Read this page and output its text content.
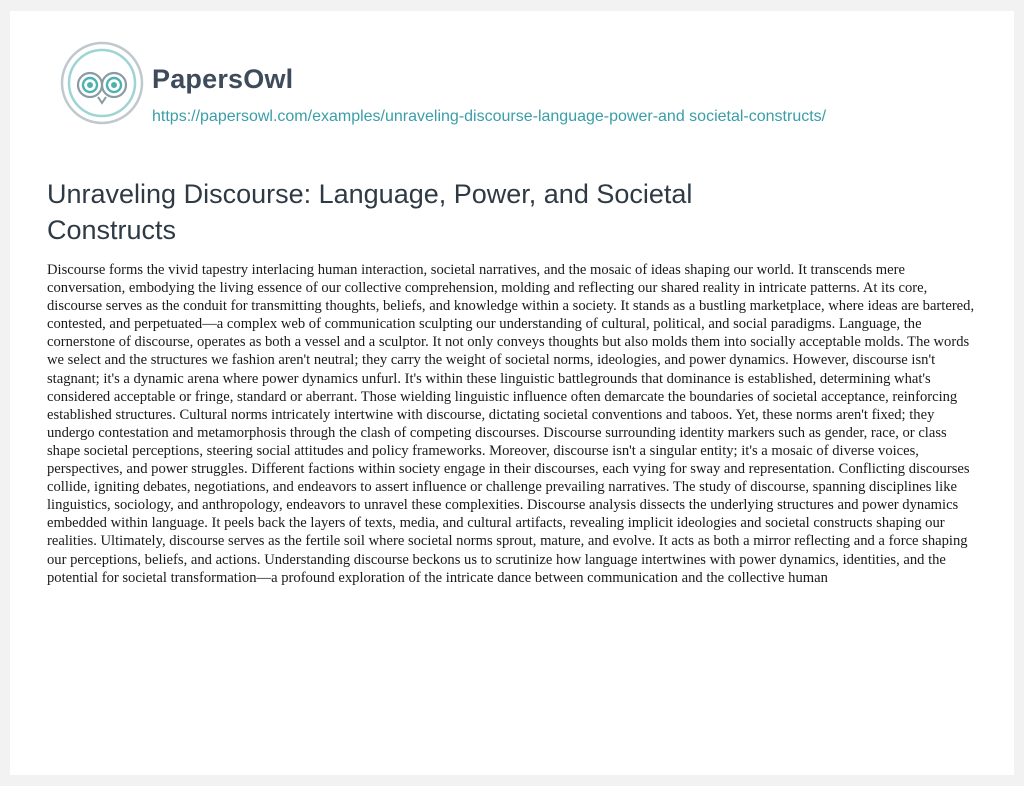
PapersOwl
https://papersowl.com/examples/unraveling-discourse-language-power-and societal-constructs/
Unraveling Discourse: Language, Power, and Societal Constructs

Discourse forms the vivid tapestry interlacing human interaction, societal narratives, and the mosaic of ideas shaping our world. It transcends mere conversation, embodying the living essence of our collective comprehension, molding and reflecting our shared reality in intricate patterns. At its core, discourse serves as the conduit for transmitting thoughts, beliefs, and knowledge within a society. It stands as a bustling marketplace, where ideas are bartered, contested, and perpetuated—a complex web of communication sculpting our understanding of cultural, political, and social paradigms. Language, the cornerstone of discourse, operates as both a vessel and a sculptor. It not only conveys thoughts but also molds them into socially acceptable molds. The words we select and the structures we fashion aren't neutral; they carry the weight of societal norms, ideologies, and power dynamics. However, discourse isn't stagnant; it's a dynamic arena where power dynamics unfurl. It's within these linguistic battlegrounds that dominance is established, determining what's considered acceptable or fringe, standard or aberrant. Those wielding linguistic influence often demarcate the boundaries of societal acceptance, reinforcing established structures. Cultural norms intricately intertwine with discourse, dictating societal conventions and taboos. Yet, these norms aren't fixed; they undergo contestation and metamorphosis through the clash of competing discourses. Discourse surrounding identity markers such as gender, race, or class shape societal perceptions, steering social attitudes and policy frameworks. Moreover, discourse isn't a singular entity; it's a mosaic of diverse voices, perspectives, and power struggles. Different factions within society engage in their discourses, each vying for sway and representation. Conflicting discourses collide, igniting debates, negotiations, and endeavors to assert influence or challenge prevailing narratives. The study of discourse, spanning disciplines like linguistics, sociology, and anthropology, endeavors to unravel these complexities. Discourse analysis dissects the underlying structures and power dynamics embedded within language. It peels back the layers of texts, media, and cultural artifacts, revealing implicit ideologies and societal constructs shaping our realities. Ultimately, discourse serves as the fertile soil where societal norms sprout, mature, and evolve. It acts as both a mirror reflecting and a force shaping our perceptions, beliefs, and actions. Understanding discourse beckons us to scrutinize how language intertwines with power dynamics, identities, and the potential for societal transformation—a profound exploration of the intricate dance between communication and the collective human
